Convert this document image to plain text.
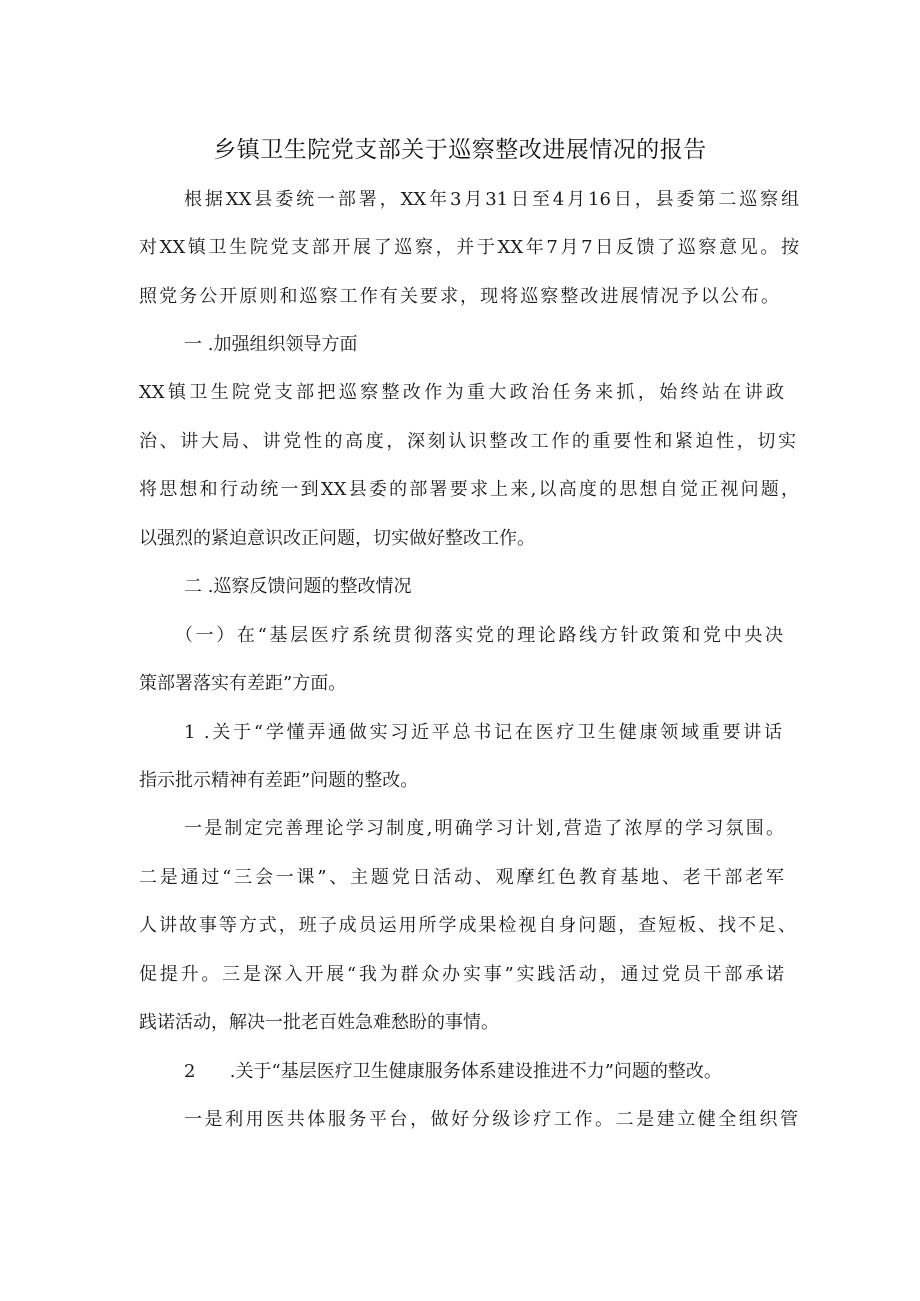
乡镇卫生院党支部关于巡察整改进展情况的报告
根据XX县委统一部署，XX年3月31日至4月16日，县委第二巡察组
对XX镇卫生院党支部开展了巡察，并于XX年7月7日反馈了巡察意见。按
照党务公开原则和巡察工作有关要求，现将巡察整改进展情况予以公布。
一 .加强组织领导方面
XX镇卫生院党支部把巡察整改作为重大政治任务来抓，始终站在讲政
治、讲大局、讲党性的高度，深刻认识整改工作的重要性和紧迫性，切实
将思想和行动统一到XX县委的部署要求上来,以高度的思想自觉正视问题，
以强烈的紧迫意识改正问题，切实做好整改工作。
二 .巡察反馈问题的整改情况
（一）在“基层医疗系统贯彻落实党的理论路线方针政策和党中央决
策部署落实有差距”方面。
1 .关于“学懂弄通做实习近平总书记在医疗卫生健康领域重要讲话
指示批示精神有差距”问题的整改。
一是制定完善理论学习制度,明确学习计划,营造了浓厚的学习氛围。
二是通过“三会一课”、主题党日活动、观摩红色教育基地、老干部老军
人讲故事等方式，班子成员运用所学成果检视自身问题，查短板、找不足、
促提升。三是深入开展“我为群众办实事”实践活动，通过党员干部承诺
践诺活动，解决一批老百姓急难愁盼的事情。
2      .关于“基层医疗卫生健康服务体系建设推进不力”问题的整改。
一是利用医共体服务平台，做好分级诊疗工作。二是建立健全组织管
